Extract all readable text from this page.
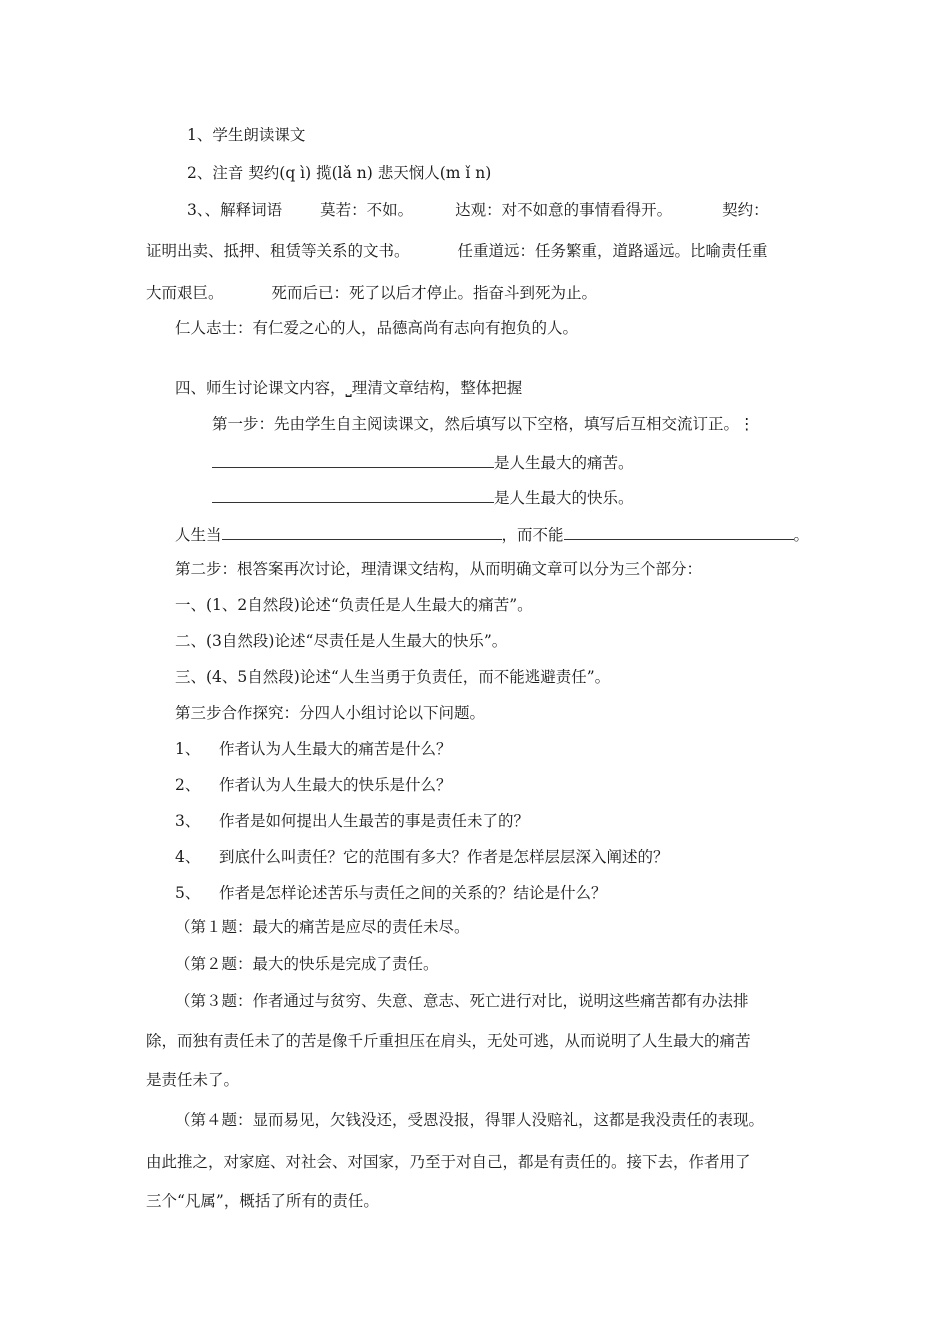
1、学生朗读课文
2、注音 契约(q ì) 揽(lǎ n) 悲天悯人(m ǐ n)
3、、解释词语 莫若：不如。	达观：对不如意的事情看得开。	契约：
证明出卖、抵押、租赁等关系的文书。	任重道远：任务繁重，道路遥远。比喻责任重
大而艰巨。	死而后已：死了以后才停止。指奋斗到死为止。
仁人志士：有仁爱之心的人，品德高尚有志向有抱负的人。
四、师生讨论课文内容，⎵理清文章结构，整体把握
第一步：先由学生自主阅读课文，然后填写以下空格，填写后互相交流订正。⋮
是人生最大的痛苦。
是人生最大的快乐。
人生当	，而不能	。
第二步：根答案再次讨论，理清课文结构，从而明确文章可以分为三个部分：
一、(1、2自然段)论述“负责任是人生最大的痛苦”。
二、(3自然段)论述“尽责任是人生最大的快乐”。
三、(4、5自然段)论述“人生当勇于负责任，而不能逃避责任”。
第三步合作探究：分四人小组讨论以下问题。
1、 作者认为人生最大的痛苦是什么？
2、 作者认为人生最大的快乐是什么？
3、 作者是如何提出人生最苦的事是责任未了的？
4、 到底什么叫责任？它的范围有多大？作者是怎样层层深入阐述的？
5、 作者是怎样论述苦乐与责任之间的关系的？结论是什么？
（第１题：最大的痛苦是应尽的责任未尽。
（第２题：最大的快乐是完成了责任。
（第３题：作者通过与贫穷、失意、意志、死亡进行对比，说明这些痛苦都有办法排
除，而独有责任未了的苦是像千斤重担压在肩头，无处可逃，从而说明了人生最大的痛苦
是责任未了。
（第４题：显而易见，欠钱没还，受恩没报，得罪人没赔礼，这都是我没责任的表现。
由此推之，对家庭、对社会、对国家，乃至于对自己，都是有责任的。接下去，作者用了
三个“凡属”，概括了所有的责任。
